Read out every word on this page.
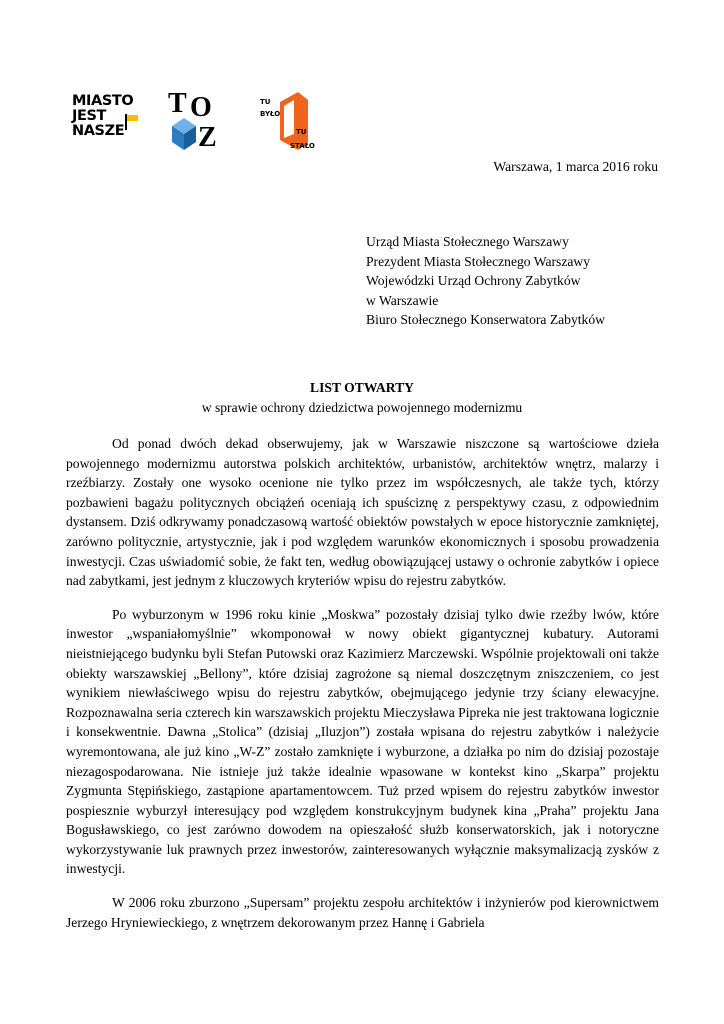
MIASTO
JEST
NASZE
T O
Z
TU
BYŁO
TU
STAŁO
Warszawa, 1 marca 2016 roku
Urząd Miasta Stołecznego Warszawy
Prezydent Miasta Stołecznego Warszawy
Wojewódzki Urząd Ochrony Zabytków
w Warszawie
Biuro Stołecznego Konserwatora Zabytków
LIST OTWARTY
w sprawie ochrony dziedzictwa powojennego modernizmu

Od ponad dwóch dekad obserwujemy, jak w Warszawie niszczone są wartościowe dzieła powojennego modernizmu autorstwa polskich architektów, urbanistów, architektów wnętrz, malarzy i rzeźbiarzy. Zostały one wysoko ocenione nie tylko przez im współczesnych, ale także tych, którzy pozbawieni bagażu politycznych obciążeń oceniają ich spuściznę z perspektywy czasu, z odpowiednim dystansem. Dziś odkrywamy ponadczasową wartość obiektów powstałych w epoce historycznie zamkniętej, zarówno politycznie, artystycznie, jak i pod względem warunków ekonomicznych i sposobu prowadzenia inwestycji. Czas uświadomić sobie, że fakt ten, według obowiązującej ustawy o ochronie zabytków i opiece nad zabytkami, jest jednym z kluczowych kryteriów wpisu do rejestru zabytków.

Po wyburzonym w 1996 roku kinie „Moskwa” pozostały dzisiaj tylko dwie rzeźby lwów, które inwestor „wspaniałomyślnie” wkomponował w nowy obiekt gigantycznej kubatury. Autorami nieistniejącego budynku byli Stefan Putowski oraz Kazimierz Marczewski. Wspólnie projektowali oni także obiekty warszawskiej „Bellony”, które dzisiaj zagrożone są niemal doszczętnym zniszczeniem, co jest wynikiem niewłaściwego wpisu do rejestru zabytków, obejmującego jedynie trzy ściany elewacyjne. Rozpoznawalna seria czterech kin warszawskich projektu Mieczysława Pipreka nie jest traktowana logicznie i konsekwentnie. Dawna „Stolica” (dzisiaj „Iluzjon”) została wpisana do rejestru zabytków i należycie wyremontowana, ale już kino „W-Z” zostało zamknięte i wyburzone, a działka po nim do dzisiaj pozostaje niezagospodarowana. Nie istnieje już także idealnie wpasowane w kontekst kino „Skarpa” projektu Zygmunta Stępińskiego, zastąpione apartamentowcem. Tuż przed wpisem do rejestru zabytków inwestor pospiesznie wyburzył interesujący pod względem konstrukcyjnym budynek kina „Praha” projektu Jana Bogusławskiego, co jest zarówno dowodem na opieszałość służb konserwatorskich, jak i notoryczne wykorzystywanie luk prawnych przez inwestorów, zainteresowanych wyłącznie maksymalizacją zysków z inwestycji.

W 2006 roku zburzono „Supersam” projektu zespołu architektów i inżynierów pod kierownictwem Jerzego Hryniewieckiego, z wnętrzem dekorowanym przez Hannę i Gabriela
